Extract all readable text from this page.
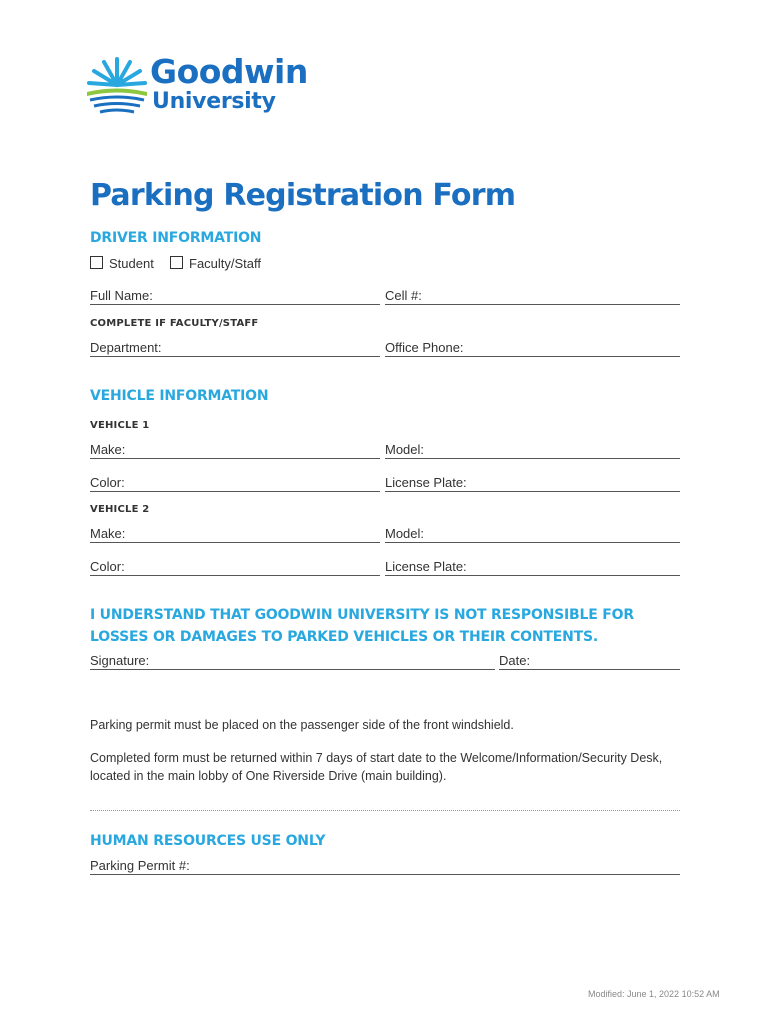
Goodwin
University
Parking Registration Form
DRIVER INFORMATION
Student	Faculty/Staff
Full Name:	Cell #:
COMPLETE IF FACULTY/STAFF
Department:	Office Phone:
VEHICLE INFORMATION
VEHICLE 1
Make:	Model:
Color:	License Plate:
VEHICLE 2
Make:	Model:
Color:	License Plate:
I UNDERSTAND THAT GOODWIN UNIVERSITY IS NOT RESPONSIBLE FOR LOSSES OR DAMAGES TO PARKED VEHICLES OR THEIR CONTENTS.
Signature:	Date:
Parking permit must be placed on the passenger side of the front windshield.
Completed form must be returned within 7 days of start date to the Welcome/Information/Security Desk, located in the main lobby of One Riverside Drive (main building).
HUMAN RESOURCES USE ONLY
Parking Permit #:
Modified: June 1, 2022 10:52 AM
